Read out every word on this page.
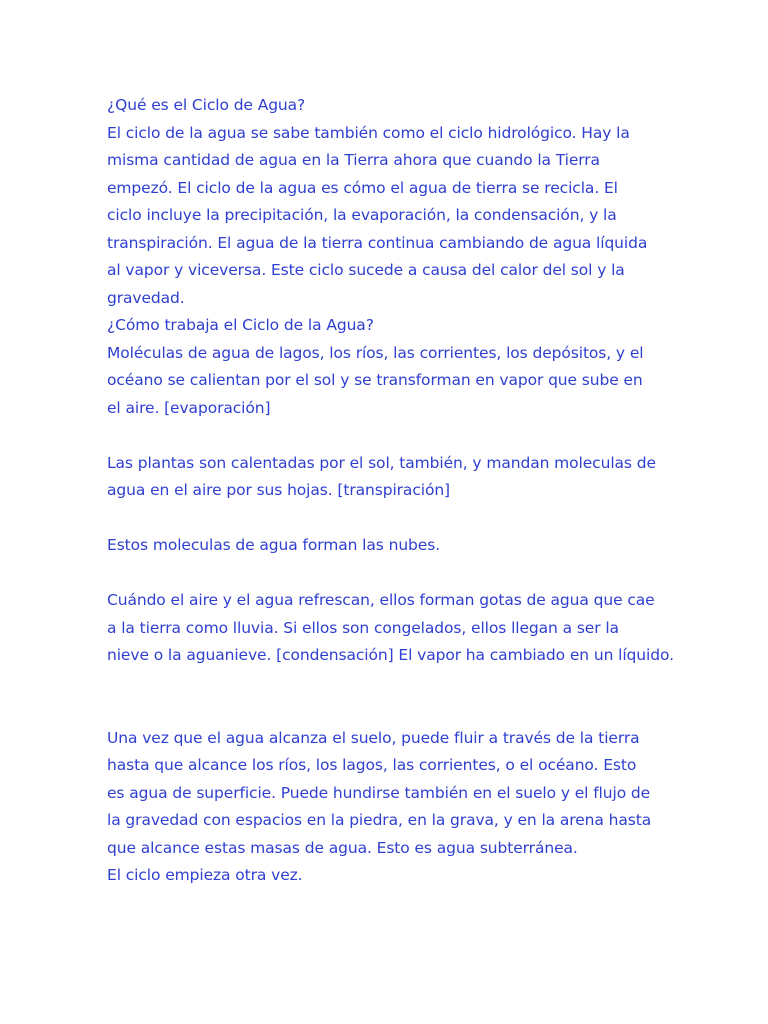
¿Qué es el Ciclo de Agua?
El ciclo de la agua se sabe también como el ciclo hidrológico. Hay la
misma cantidad de agua en la Tierra ahora que cuando la Tierra
empezó. El ciclo de la agua es cómo el agua de tierra se recicla. El
ciclo incluye la precipitación, la evaporación, la condensación, y la
transpiración. El agua de la tierra continua cambiando de agua líquida
al vapor y viceversa. Este ciclo sucede a causa del calor del sol y la
gravedad.
¿Cómo trabaja el Ciclo de la Agua?
Moléculas de agua de lagos, los ríos, las corrientes, los depósitos, y el
océano se calientan por el sol y se transforman en vapor que sube en
el aire. [evaporación]
Las plantas son calentadas por el sol, también, y mandan moleculas de
agua en el aire por sus hojas. [transpiración]
Estos moleculas de agua forman las nubes.
Cuándo el aire y el agua refrescan, ellos forman gotas de agua que cae
a la tierra como lluvia. Si ellos son congelados, ellos llegan a ser la
nieve o la aguanieve. [condensación] El vapor ha cambiado en un líquido.
Una vez que el agua alcanza el suelo, puede fluir a través de la tierra
hasta que alcance los ríos, los lagos, las corrientes, o el océano. Esto
es agua de superficie. Puede hundirse también en el suelo y el flujo de
la gravedad con espacios en la piedra, en la grava, y en la arena hasta
que alcance estas masas de agua. Esto es agua subterránea.
El ciclo empieza otra vez.
